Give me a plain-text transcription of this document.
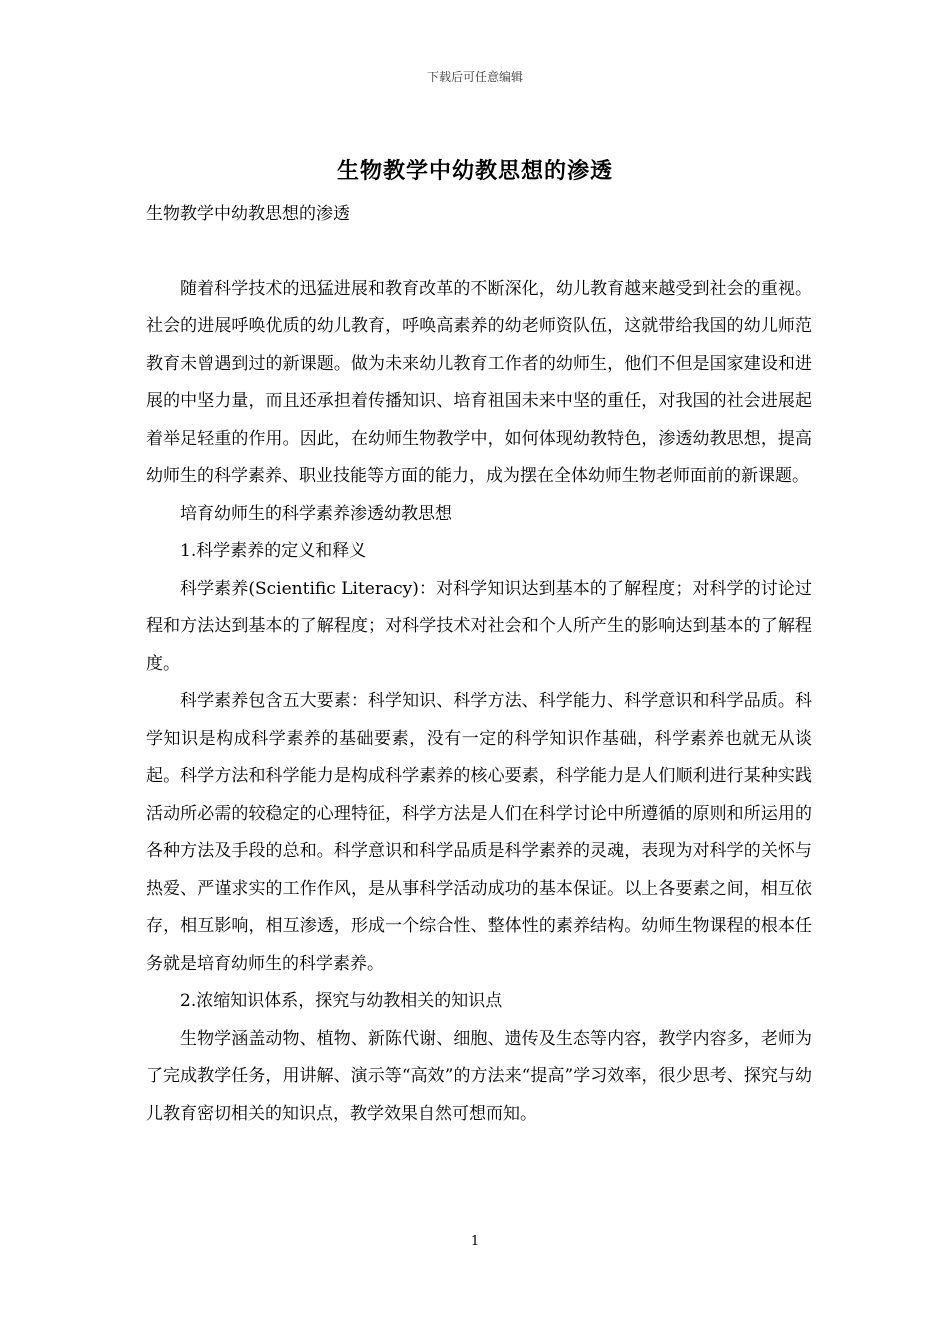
下载后可任意编辑
生物教学中幼教思想的渗透

生物教学中幼教思想的渗透

随着科学技术的迅猛进展和教育改革的不断深化，幼儿教育越来越受到社会的重视。社会的进展呼唤优质的幼儿教育，呼唤高素养的幼老师资队伍，这就带给我国的幼儿师范教育未曾遇到过的新课题。做为未来幼儿教育工作者的幼师生，他们不但是国家建设和进展的中坚力量，而且还承担着传播知识、培育祖国未来中坚的重任，对我国的社会进展起着举足轻重的作用。因此，在幼师生物教学中，如何体现幼教特色，渗透幼教思想，提高幼师生的科学素养、职业技能等方面的能力，成为摆在全体幼师生物老师面前的新课题。

培育幼师生的科学素养渗透幼教思想

1.科学素养的定义和释义

科学素养(Scientific Literacy)：对科学知识达到基本的了解程度；对科学的讨论过程和方法达到基本的了解程度；对科学技术对社会和个人所产生的影响达到基本的了解程度。

科学素养包含五大要素：科学知识、科学方法、科学能力、科学意识和科学品质。科学知识是构成科学素养的基础要素，没有一定的科学知识作基础，科学素养也就无从谈起。科学方法和科学能力是构成科学素养的核心要素，科学能力是人们顺利进行某种实践活动所必需的较稳定的心理特征，科学方法是人们在科学讨论中所遵循的原则和所运用的各种方法及手段的总和。科学意识和科学品质是科学素养的灵魂，表现为对科学的关怀与热爱、严谨求实的工作作风，是从事科学活动成功的基本保证。以上各要素之间，相互依存，相互影响，相互渗透，形成一个综合性、整体性的素养结构。幼师生物课程的根本任务就是培育幼师生的科学素养。

2.浓缩知识体系，探究与幼教相关的知识点

生物学涵盖动物、植物、新陈代谢、细胞、遗传及生态等内容，教学内容多，老师为了完成教学任务，用讲解、演示等“高效”的方法来“提高”学习效率，很少思考、探究与幼儿教育密切相关的知识点，教学效果自然可想而知。

1
